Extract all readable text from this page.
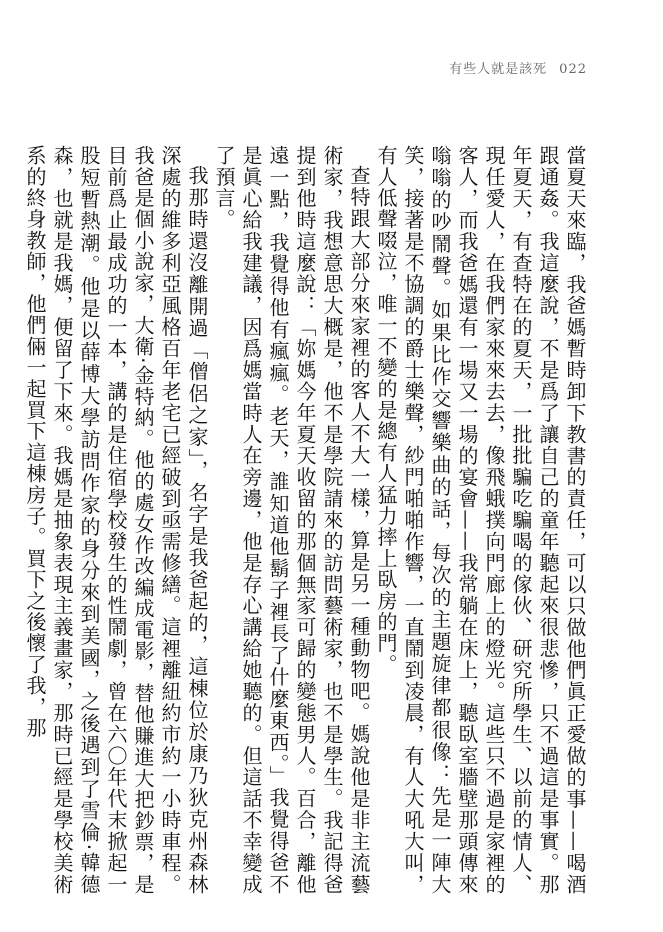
有些人就是該死 022

當夏天來臨，我爸媽暫時卸下教書的責任，可以只做他們眞正愛做的事——喝酒跟通姦。我這麼說，不是爲了讓自己的童年聽起來很悲慘，只不過這是事實。那年夏天，有查特在的夏天，一批批騙吃騙喝的傢伙、研究所學生、以前的情人、現任愛人，在我們家來來去去，像飛蛾撲向門廊上的燈光。這些只不過是家裡的客人，而我爸媽還有一場又一場的宴會——我常躺在床上，聽臥室牆壁那頭傳來嗡嗡的吵鬧聲。如果比作交響樂曲的話，每次的主題旋律都很像：先是一陣大笑，接著是不協調的爵士樂聲，紗門啪啪作響，一直鬧到凌晨，有人大吼大叫，有人低聲啜泣，唯一不變的是總有人猛力摔上臥房的門。

查特跟大部分來家裡的客人不大一樣，算是另一種動物吧。媽說他是非主流藝術家，我想意思大概是，他不是學院請來的訪問藝術家，也不是學生。我記得爸提到他時這麼說：「妳媽今年夏天收留的那個無家可歸的變態男人。百合，離他遠一點，我覺得他有瘋瘋。老天，誰知道他鬍子裡長了什麼東西。」我覺得爸不是眞心給我建議，因爲媽當時人在旁邊，他是存心講給她聽的。但這話不幸變成了預言。

我那時還沒離開過「僧侶之家」，名字是我爸起的，這棟位於康乃狄克州森林深處的維多利亞風格百年老宅已經破到亟需修繕。這裡離紐約市約一小時車程。我爸是個小說家，大衛‧金特納。他的處女作改編成電影，替他賺進大把鈔票，是目前爲止最成功的一本，講的是住宿學校發生的性鬧劇，曾在六〇年代末掀起一股短暫熱潮。他是以薛博大學訪問作家的身分來到美國，之後遇到了雪倫‧韓德森，也就是我媽，便留了下來。我媽是抽象表現主義畫家，那時已經是學校美術系的終身教師，他們倆一起買下這棟房子。買下之後懷了我，那
